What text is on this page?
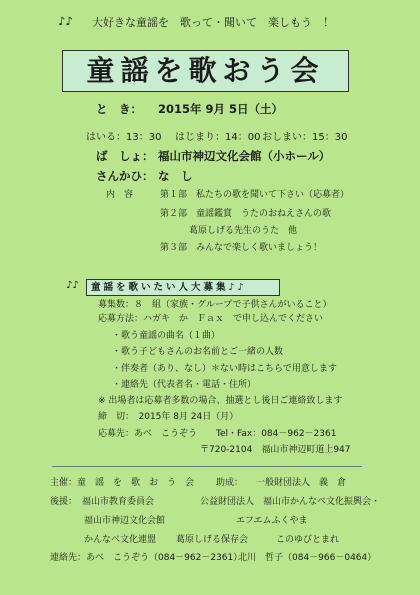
♪♪ 大好きな童謡を　歌って・聞いて　楽しもう　！
童謡を歌おう会
と　き： 2015年 9月 5日（土）
はいる：13：30 はじまり：14：00 おしまい：15：30
ば　しょ： 福山市神辺文化会館（小ホール）
さんかひ： な　し
内　容	第１部　私たちの歌を聞いて下さい（応募者）
第２部　童謡鑑賞　うたのおねえさんの歌
葛原しげる先生のうた　他
第３部　みんなで楽しく歌いましょう！
♪♪	童謡を歌いたい人大募集♪♪
募集数：８　組（家族・グループで子供さんがいること）
応募方法：ハガキ　か　Ｆａｘ　で申し込んでください
・歌う童謡の曲名（１曲）
・歌う子どもさんのお名前とご一緒の人数
・伴奏者（あり、なし）＊ない時はこちらで用意します
・連絡先（代表者名・電話・住所）
※ 出場者は応募者多数の場合、抽選とし後日ご連絡致します
締　切：　2015年 8月 24日（月）
応募先：あべ　こうぞう Tel・Fax：084－962－2361
〒720-2104　福山市神辺町道上947
主催：童　謡　を　歌　お　う　会 助成： 一般財団法人　義　倉
後援： 福山市教育委員会	公益財団法人　福山市かんなべ文化振興会・
福山市神辺文化会館	エフエムふくやま
かんなべ文化連盟 葛原しげる保存会	このゆびとまれ
連絡先：あべ　こうぞう（084－962－2361）
北川　哲子（084－966－0464）
